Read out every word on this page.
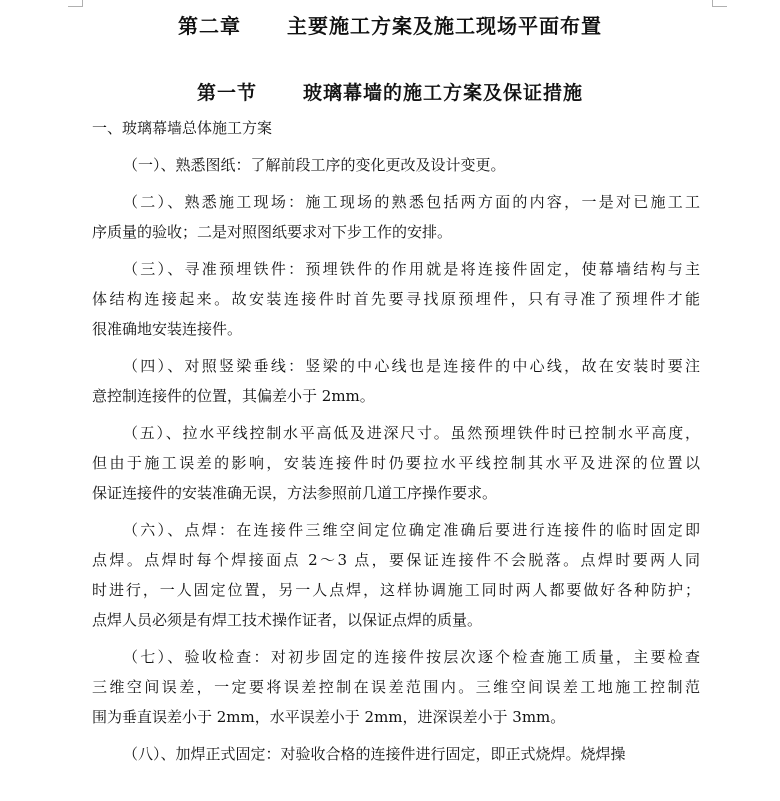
第二章 主要施工方案及施工现场平面布置
第一节 玻璃幕墙的施工方案及保证措施
一、玻璃幕墙总体施工方案
（一）、熟悉图纸：了解前段工序的变化更改及设计变更。
（二）、熟悉施工现场：施工现场的熟悉包括两方面的内容，一是对已施工工
序质量的验收；二是对照图纸要求对下步工作的安排。
（三）、寻准预埋铁件：预埋铁件的作用就是将连接件固定，使幕墙结构与主
体结构连接起来。故安装连接件时首先要寻找原预埋件，只有寻准了预埋件才能
很准确地安装连接件。
（四）、对照竖梁垂线：竖梁的中心线也是连接件的中心线，故在安装时要注
意控制连接件的位置，其偏差小于 2mm。
（五）、拉水平线控制水平高低及进深尺寸。虽然预埋铁件时已控制水平高度，
但由于施工误差的影响，安装连接件时仍要拉水平线控制其水平及进深的位置以
保证连接件的安装准确无误，方法参照前几道工序操作要求。
（六）、点焊：在连接件三维空间定位确定准确后要进行连接件的临时固定即
点焊。点焊时每个焊接面点 2～3 点，要保证连接件不会脱落。点焊时要两人同
时进行，一人固定位置，另一人点焊，这样协调施工同时两人都要做好各种防护；
点焊人员必须是有焊工技术操作证者，以保证点焊的质量。
（七）、验收检查：对初步固定的连接件按层次逐个检查施工质量，主要检查
三维空间误差，一定要将误差控制在误差范围内。三维空间误差工地施工控制范
围为垂直误差小于 2mm，水平误差小于 2mm，进深误差小于 3mm。
（八）、加焊正式固定：对验收合格的连接件进行固定，即正式烧焊。烧焊操
